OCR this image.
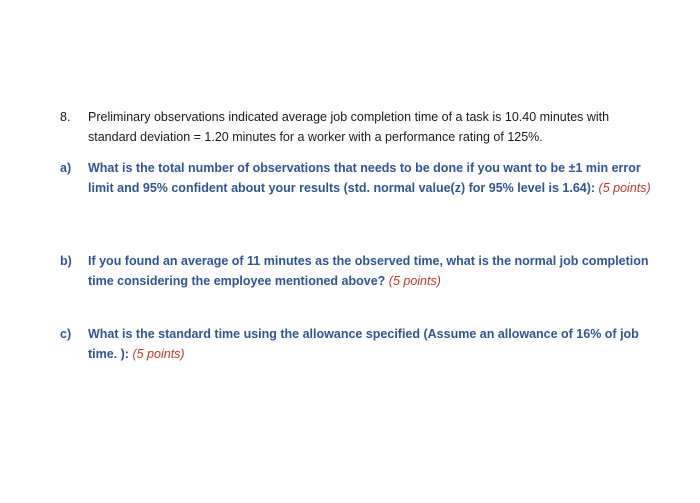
8. Preliminary observations indicated average job completion time of a task is 10.40 minutes with standard deviation = 1.20 minutes for a worker with a performance rating of 125%.
a) What is the total number of observations that needs to be done if you want to be ±1 min error limit and 95% confident about your results (std. normal value(z) for 95% level is 1.64): (5 points)
b) If you found an average of 11 minutes as the observed time, what is the normal job completion time considering the employee mentioned above? (5 points)
c) What is the standard time using the allowance specified (Assume an allowance of 16% of job time. ): (5 points)
